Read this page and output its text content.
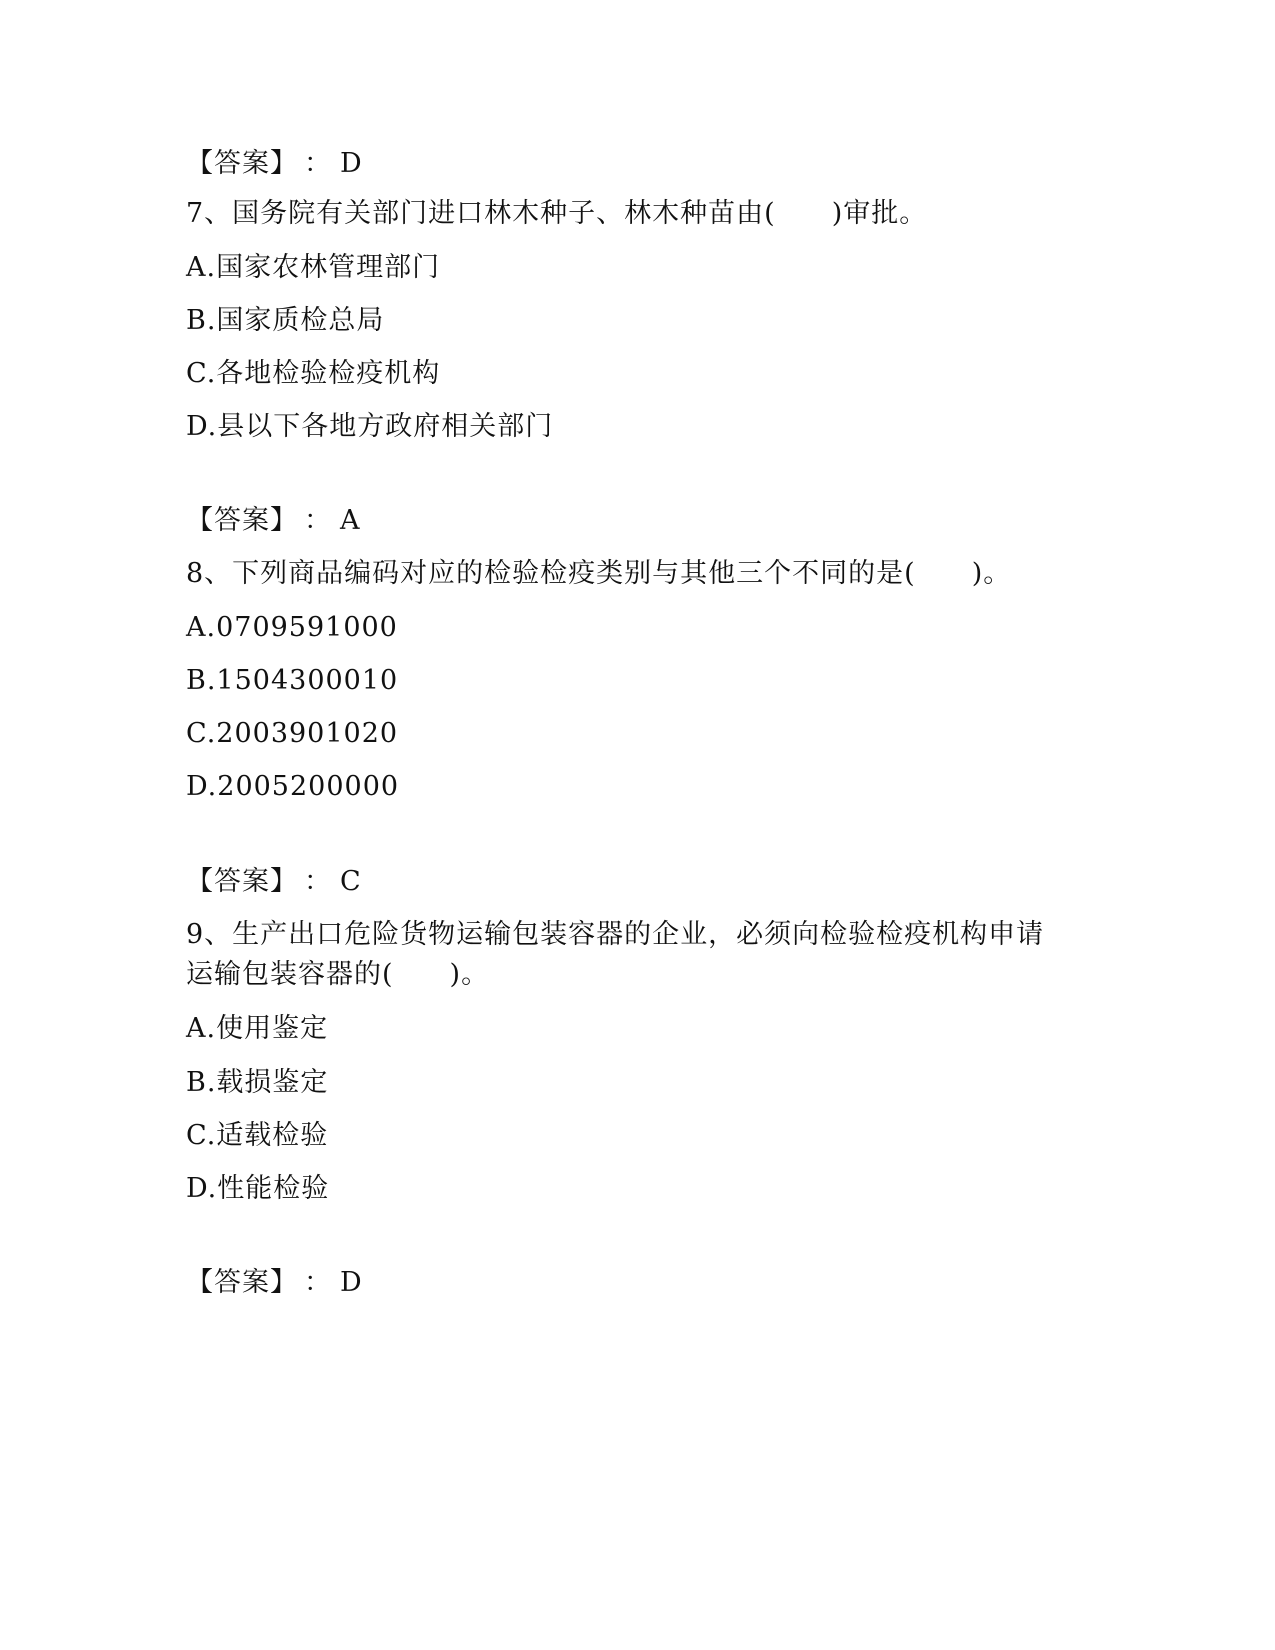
【答案】 ： D
7、国务院有关部门进口林木种子、林木种苗由(　　)审批。
A.国家农林管理部门
B.国家质检总局
C.各地检验检疫机构
D.县以下各地方政府相关部门
【答案】 ： A
8、下列商品编码对应的检验检疫类别与其他三个不同的是(　　)。
A.0709591000
B.1504300010
C.2003901020
D.2005200000
【答案】 ： C
9、生产出口危险货物运输包装容器的企业，必须向检验检疫机构申请
运输包装容器的(　　)。
A.使用鉴定
B.载损鉴定
C.适载检验
D.性能检验
【答案】 ： D
